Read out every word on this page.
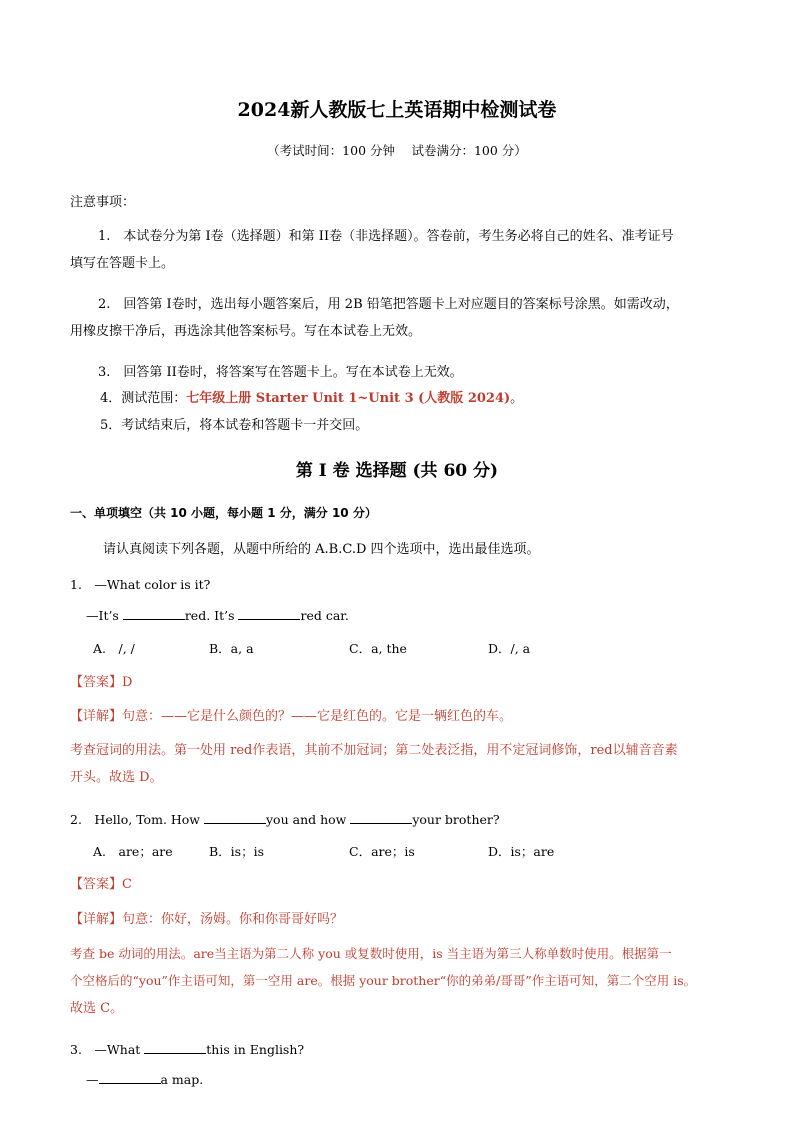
2024新人教版七上英语期中检测试卷
（考试时间：100 分钟　 试卷满分：100 分）
注意事项：
1.　本试卷分为第 I卷（选择题）和第 II卷（非选择题）。答卷前，考生务必将自己的姓名、准考证号
填写在答题卡上。
2.　回答第 I卷时，选出每小题答案后，用 2B 铅笔把答题卡上对应题目的答案标号涂黑。如需改动，
用橡皮擦干净后，再选涂其他答案标号。写在本试卷上无效。
3.　回答第 II卷时，将答案写在答题卡上。写在本试卷上无效。
4．测试范围：七年级上册 Starter Unit 1~Unit 3 (人教版 2024)。
5．考试结束后，将本试卷和答题卡一并交回。
第 I 卷 选择题 (共 60 分)
一、单项填空（共 10 小题，每小题 1 分，满分 10 分）
请认真阅读下列各题，从题中所给的 A.B.C.D 四个选项中，选出最佳选项。
1.　—What color is it?
—It’s	red. It’s	red car.
A.　/, /	B．a, a	C．a, the	D．/, a
【答案】D
【详解】句意：——它是什么颜色的？——它是红色的。它是一辆红色的车。
考查冠词的用法。第一处用 red作表语，其前不加冠词；第二处表泛指，用不定冠词修饰，red以辅音音素
开头。故选 D。
2.　Hello, Tom. How	you and how	your brother?
A.　are；are	B．is；is	C．are；is	D．is；are
【答案】C
【详解】句意：你好，汤姆。你和你哥哥好吗？
考查 be 动词的用法。are当主语为第二人称 you 或复数时使用，is 当主语为第三人称单数时使用。根据第一
个空格后的“you”作主语可知，第一空用 are。根据 your brother“你的弟弟/哥哥”作主语可知，第二个空用 is。
故选 C。
3.　—What	this in English?
—	a map.
